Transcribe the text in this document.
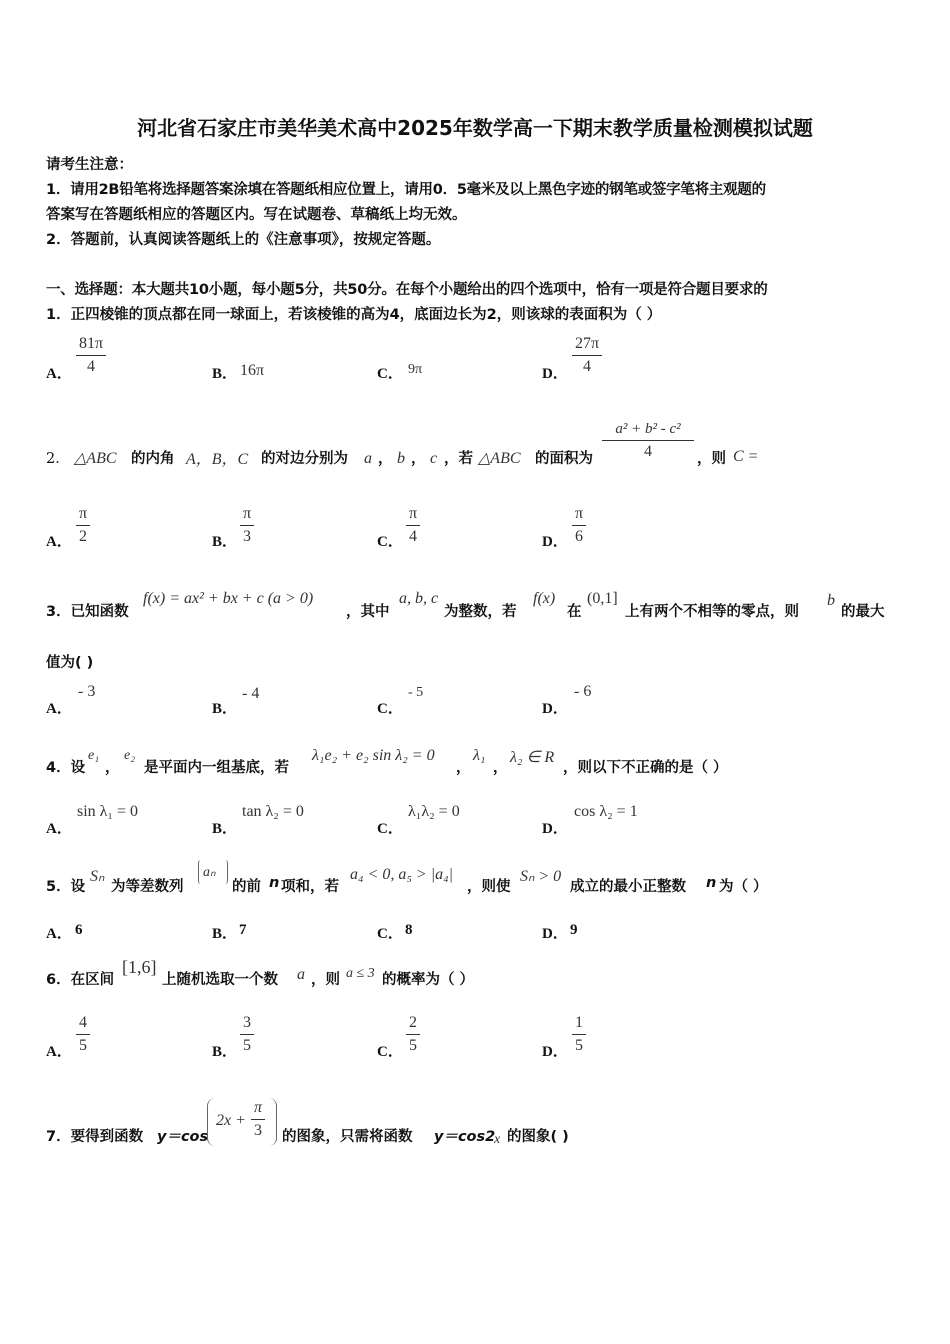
河北省石家庄市美华美术高中2025年数学高一下期末教学质量检测模拟试题
请考生注意：
1．请用2B铅笔将选择题答案涂填在答题纸相应位置上，请用0．5毫米及以上黑色字迹的钢笔或签字笔将主观题的
答案写在答题纸相应的答题区内。写在试题卷、草稿纸上均无效。
2．答题前，认真阅读答题纸上的《注意事项》，按规定答题。
一、选择题：本大题共10小题，每小题5分，共50分。在每个小题给出的四个选项中，恰有一项是符合题目要求的
1．正四棱锥的顶点都在同一球面上，若该棱锥的高为4，底面边长为2，则该球的表面积为（ ）
A． $\frac{81\pi}{4}$	B． 16π	C． 9π	D． $\frac{27\pi}{4}$
2． △ABC 的内角 A，B，C 的对边分别为 a ， b ， c ，若 △ABC 的面积为 $\frac{\text{a² + b² - c²}}{4}$ ，则 C =
A． $\frac{\pi}{2}$	B． $\frac{\pi}{3}$	C． $\frac{\pi}{4}$	D． $\frac{\pi}{6}$
3．已知函数
f(x) = ax² + bx + c (a > 0)
，其中
a, b, c
为整数，若
f(x)
在
(0,1]
上有两个不相等的零点，则
b
的最大
值为( )
A．
- 3
B．
- 4
C．
- 5
D．
- 6
4．设
e₁
，
e₂
是平面内一组基底，若
λ₁e₂ + e₂ sin λ₂ = 0
，
λ₁
，
λ₂ ∈ R
，则以下不正确的是（ ）
A．
sin λ₁ = 0
B．
tan λ₂ = 0
C．
λ₁λ₂ = 0
D．
cos λ₂ = 1
5．设
Sₙ
为等差数列
aₙ
的前 n 项和，若
a₄ < 0, a₅ > |a₄|
，则使
Sₙ > 0
成立的最小正整数 n 为（ ）
A． 6	B． 7	C． 8	D． 9
6．在区间
[1,6]
上随机选取一个数 a ，则 a ≤ 3 的概率为（ ）
A． $\frac{4}{5}$	B． $\frac{3}{5}$	C． $\frac{2}{5}$	D． $\frac{1}{5}$
7．要得到函数 y＝cos
$2x + \frac{\pi}{3}$ 的图象，只需将函数 y＝cos2
x 的图象( )
